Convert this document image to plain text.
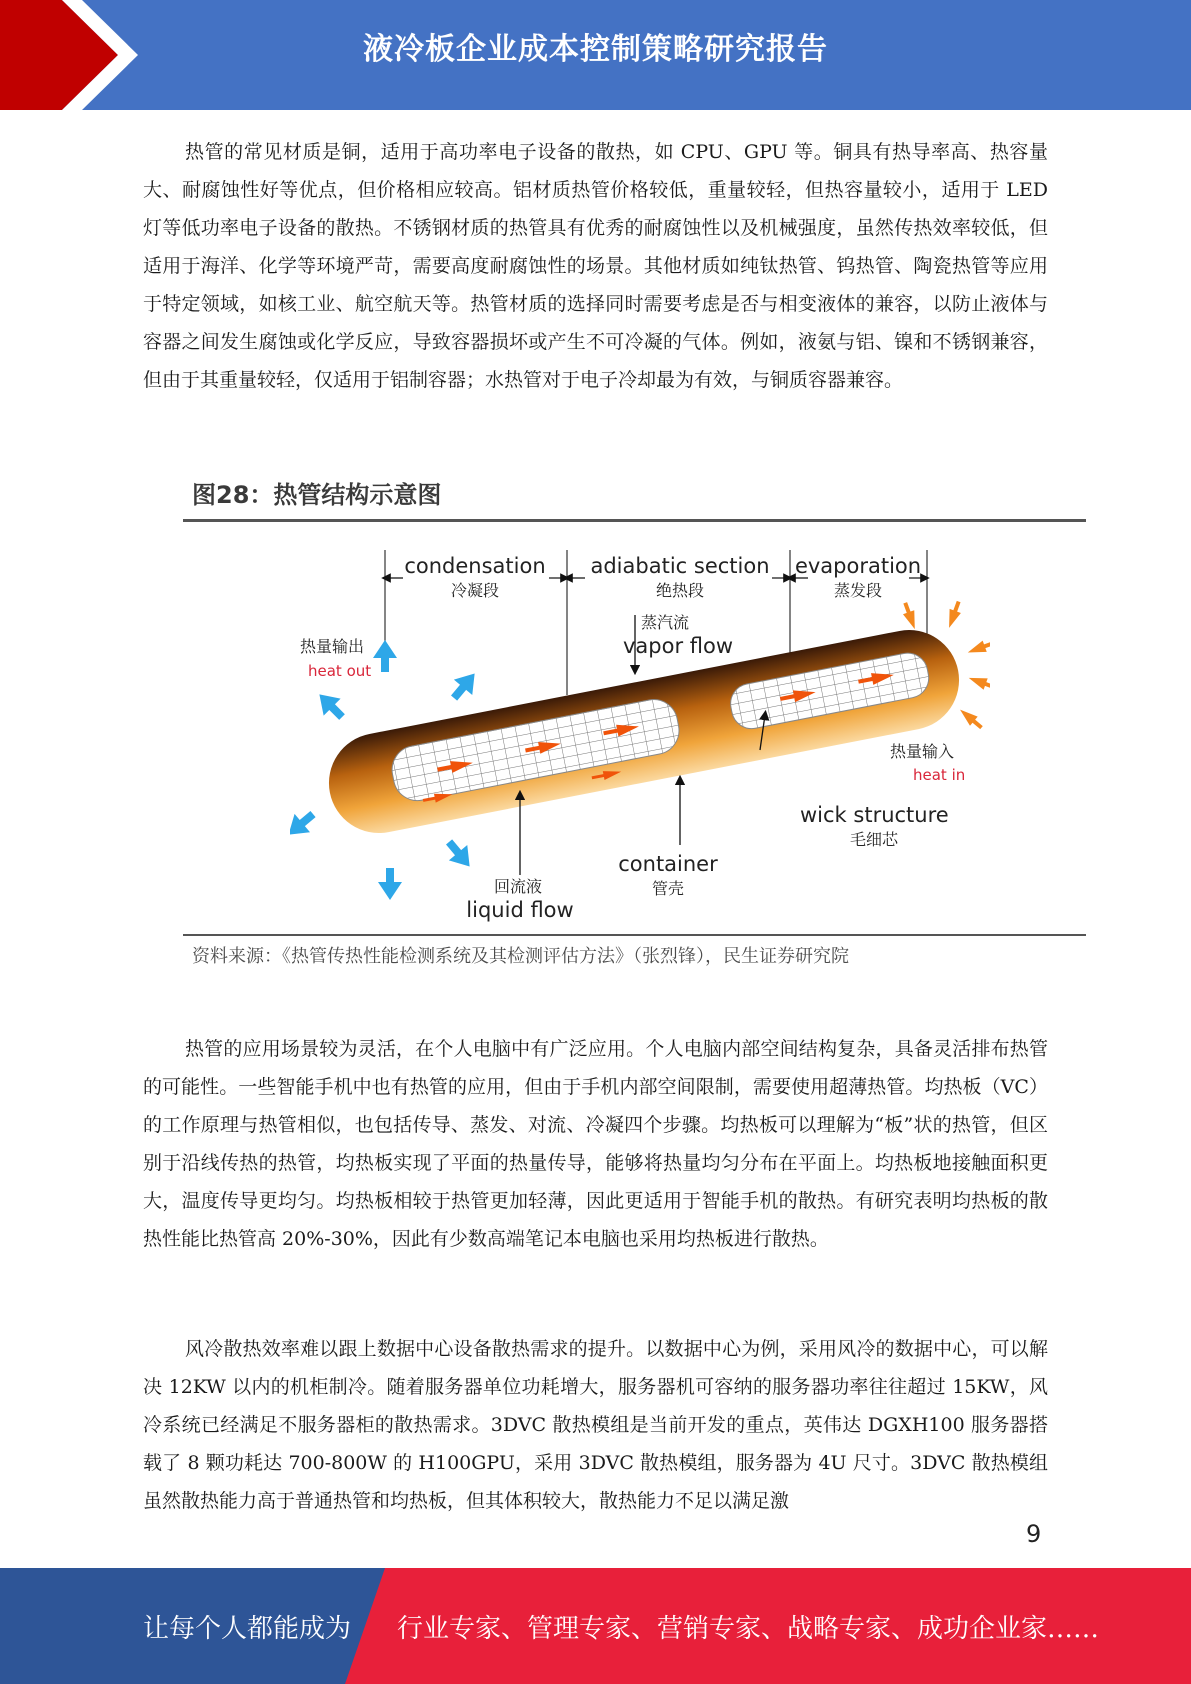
液冷板企业成本控制策略研究报告

热管的常见材质是铜，适用于高功率电子设备的散热，如 CPU、GPU 等。铜具有热导率高、热容量大、耐腐蚀性好等优点，但价格相应较高。铝材质热管价格较低，重量较轻，但热容量较小，适用于 LED 灯等低功率电子设备的散热。不锈钢材质的热管具有优秀的耐腐蚀性以及机械强度，虽然传热效率较低，但适用于海洋、化学等环境严苛，需要高度耐腐蚀性的场景。其他材质如纯钛热管、钨热管、陶瓷热管等应用于特定领域，如核工业、航空航天等。热管材质的选择同时需要考虑是否与相变液体的兼容，以防止液体与容器之间发生腐蚀或化学反应，导致容器损坏或产生不可冷凝的气体。例如，液氨与铝、镍和不锈钢兼容，但由于其重量较轻，仅适用于铝制容器；水热管对于电子冷却最为有效，与铜质容器兼容。

图28：热管结构示意图
condensation
冷凝段
adiabatic section
绝热段
evaporation
蒸发段
蒸汽流
vapor flow
热量输出
heat out
热量输入
heat in
wick structure
毛细芯
container
管壳
回流液
liquid flow
资料来源：《热管传热性能检测系统及其检测评估方法》（张烈锋），民生证券研究院

热管的应用场景较为灵活，在个人电脑中有广泛应用。个人电脑内部空间结构复杂，具备灵活排布热管的可能性。一些智能手机中也有热管的应用，但由于手机内部空间限制，需要使用超薄热管。均热板（VC）的工作原理与热管相似，也包括传导、蒸发、对流、冷凝四个步骤。均热板可以理解为“板”状的热管，但区别于沿线传热的热管，均热板实现了平面的热量传导，能够将热量均匀分布在平面上。均热板地接触面积更大，温度传导更均匀。均热板相较于热管更加轻薄，因此更适用于智能手机的散热。有研究表明均热板的散热性能比热管高 20%-30%，因此有少数高端笔记本电脑也采用均热板进行散热。

风冷散热效率难以跟上数据中心设备散热需求的提升。以数据中心为例，采用风冷的数据中心，可以解决 12KW 以内的机柜制冷。随着服务器单位功耗增大，服务器机可容纳的服务器功率往往超过 15KW，风冷系统已经满足不服务器柜的散热需求。3DVC 散热模组是当前开发的重点，英伟达 DGXH100 服务器搭载了 8 颗功耗达 700-800W 的 H100GPU，采用 3DVC 散热模组，服务器为 4U 尺寸。3DVC 散热模组虽然散热能力高于普通热管和均热板，但其体积较大，散热能力不足以满足激

9
让每个人都能成为 行业专家、管理专家、营销专家、战略专家、成功企业家……
